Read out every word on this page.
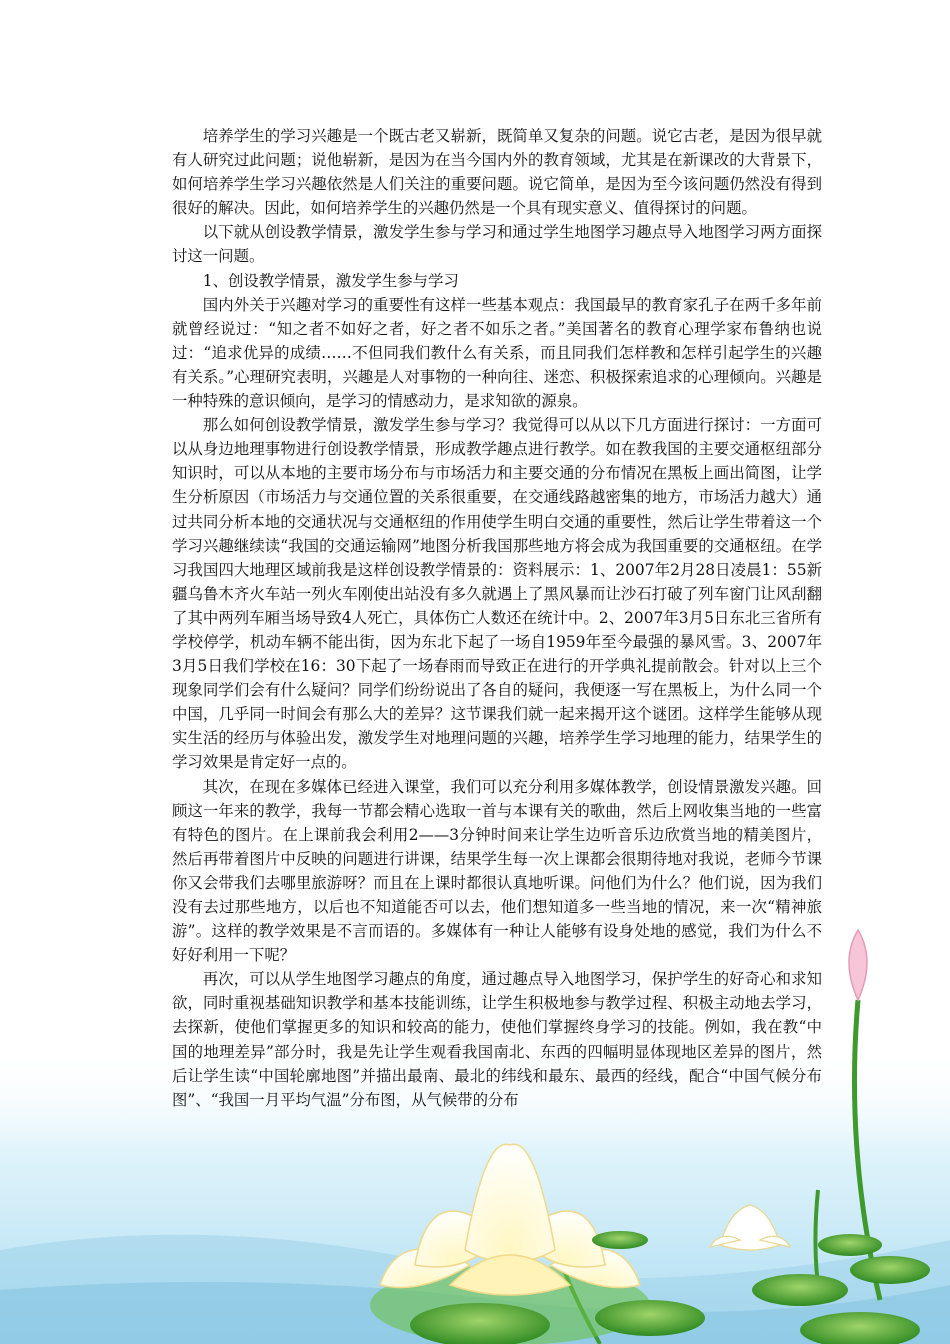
培养学生的学习兴趣是一个既古老又崭新，既简单又复杂的问题。说它古老，是因为很早就有人研究过此问题；说他崭新，是因为在当今国内外的教育领域，尤其是在新课改的大背景下，如何培养学生学习兴趣依然是人们关注的重要问题。说它简单，是因为至今该问题仍然没有得到很好的解决。因此，如何培养学生的兴趣仍然是一个具有现实意义、值得探讨的问题。

以下就从创设教学情景，激发学生参与学习和通过学生地图学习趣点导入地图学习两方面探讨这一问题。

1、创设教学情景，激发学生参与学习

国内外关于兴趣对学习的重要性有这样一些基本观点：我国最早的教育家孔子在两千多年前就曾经说过：“知之者不如好之者，好之者不如乐之者。”美国著名的教育心理学家布鲁纳也说过：“追求优异的成绩……不但同我们教什么有关系，而且同我们怎样教和怎样引起学生的兴趣有关系。”心理研究表明，兴趣是人对事物的一种向往、迷恋、积极探索追求的心理倾向。兴趣是一种特殊的意识倾向，是学习的情感动力，是求知欲的源泉。

那么如何创设教学情景，激发学生参与学习？我觉得可以从以下几方面进行探讨：一方面可以从身边地理事物进行创设教学情景，形成教学趣点进行教学。如在教我国的主要交通枢纽部分知识时，可以从本地的主要市场分布与市场活力和主要交通的分布情况在黑板上画出简图，让学生分析原因（市场活力与交通位置的关系很重要，在交通线路越密集的地方，市场活力越大）通过共同分析本地的交通状况与交通枢纽的作用使学生明白交通的重要性，然后让学生带着这一个学习兴趣继续读“我国的交通运输网”地图分析我国那些地方将会成为我国重要的交通枢纽。在学习我国四大地理区域前我是这样创设教学情景的：资料展示：1、2007年2月28日凌晨1：55新疆乌鲁木齐火车站一列火车刚使出站没有多久就遇上了黑风暴而让沙石打破了列车窗门让风刮翻了其中两列车厢当场导致4人死亡，具体伤亡人数还在统计中。2、2007年3月5日东北三省所有学校停学，机动车辆不能出街，因为东北下起了一场自1959年至今最强的暴风雪。3、2007年3月5日我们学校在16：30下起了一场春雨而导致正在进行的开学典礼提前散会。针对以上三个现象同学们会有什么疑问？同学们纷纷说出了各自的疑问，我便逐一写在黑板上，为什么同一个中国，几乎同一时间会有那么大的差异？这节课我们就一起来揭开这个谜团。这样学生能够从现实生活的经历与体验出发，激发学生对地理问题的兴趣，培养学生学习地理的能力，结果学生的学习效果是肯定好一点的。

其次，在现在多媒体已经进入课堂，我们可以充分利用多媒体教学，创设情景激发兴趣。回顾这一年来的教学，我每一节都会精心选取一首与本课有关的歌曲，然后上网收集当地的一些富有特色的图片。在上课前我会利用2——3分钟时间来让学生边听音乐边欣赏当地的精美图片，然后再带着图片中反映的问题进行讲课，结果学生每一次上课都会很期待地对我说，老师今节课你又会带我们去哪里旅游呀？而且在上课时都很认真地听课。问他们为什么？他们说，因为我们没有去过那些地方，以后也不知道能否可以去，他们想知道多一些当地的情况，来一次“精神旅游”。这样的教学效果是不言而语的。多媒体有一种让人能够有设身处地的感觉，我们为什么不好好利用一下呢？

再次，可以从学生地图学习趣点的角度，通过趣点导入地图学习，保护学生的好奇心和求知欲，同时重视基础知识教学和基本技能训练，让学生积极地参与教学过程、积极主动地去学习，去探新，使他们掌握更多的知识和较高的能力，使他们掌握终身学习的技能。例如，我在教“中国的地理差异”部分时，我是先让学生观看我国南北、东西的四幅明显体现地区差异的图片，然后让学生读“中国轮廓地图”并描出最南、最北的纬线和最东、最西的经线，配合“中国气候分布图”、“我国一月平均气温”分布图，从气候带的分布
